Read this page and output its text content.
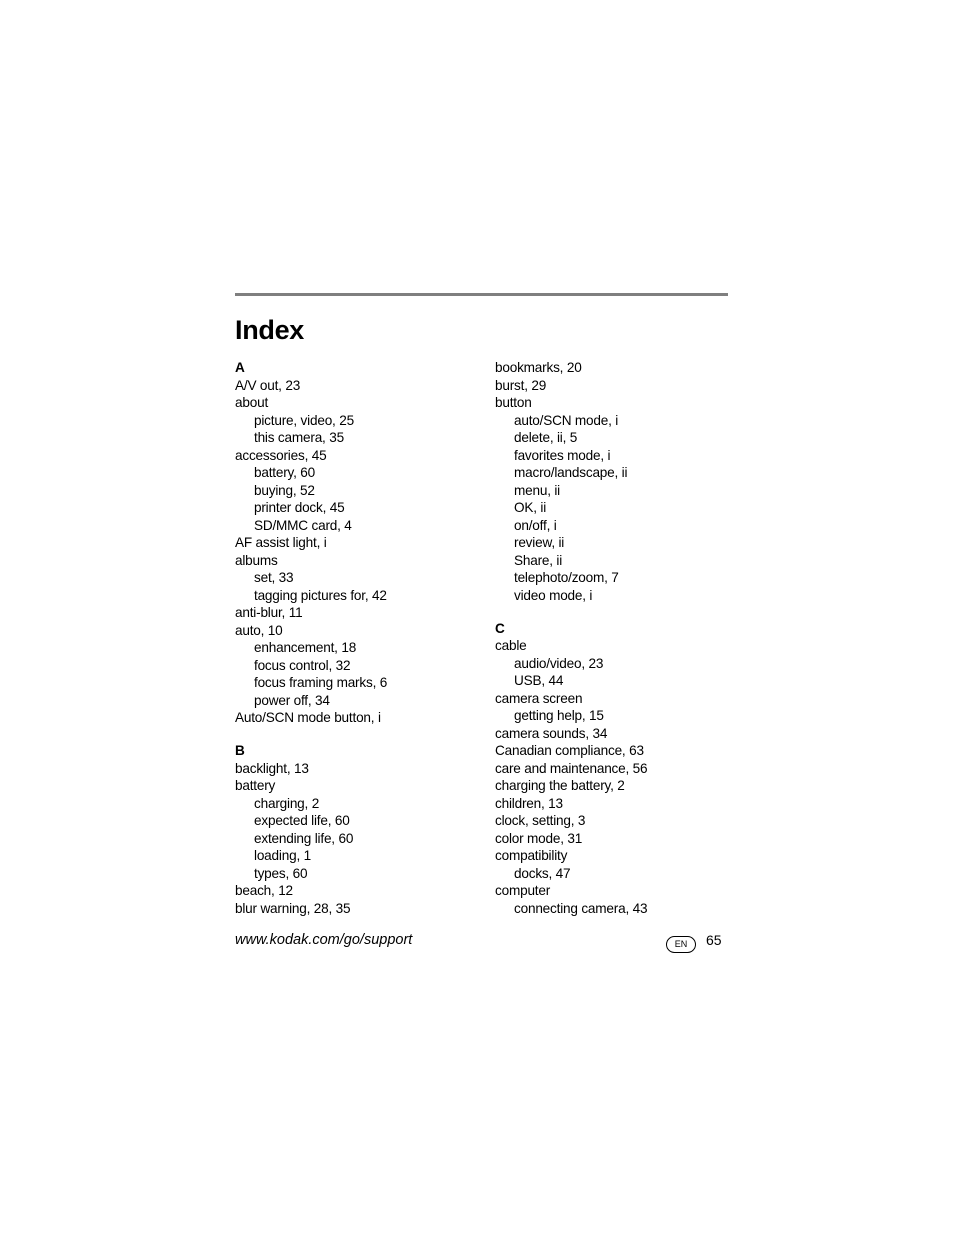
Index
A
A/V out, 23
about
picture, video, 25
this camera, 35
accessories, 45
battery, 60
buying, 52
printer dock, 45
SD/MMC card, 4
AF assist light, i
albums
set, 33
tagging pictures for, 42
anti-blur, 11
auto, 10
enhancement, 18
focus control, 32
focus framing marks, 6
power off, 34
Auto/SCN mode button, i
B
backlight, 13
battery
charging, 2
expected life, 60
extending life, 60
loading, 1
types, 60
beach, 12
blur warning, 28, 35
bookmarks, 20
burst, 29
button
auto/SCN mode, i
delete, ii, 5
favorites mode, i
macro/landscape, ii
menu, ii
OK, ii
on/off, i
review, ii
Share, ii
telephoto/zoom, 7
video mode, i
C
cable
audio/video, 23
USB, 44
camera screen
getting help, 15
camera sounds, 34
Canadian compliance, 63
care and maintenance, 56
charging the battery, 2
children, 13
clock, setting, 3
color mode, 31
compatibility
docks, 47
computer
connecting camera, 43
www.kodak.com/go/support	EN	65
